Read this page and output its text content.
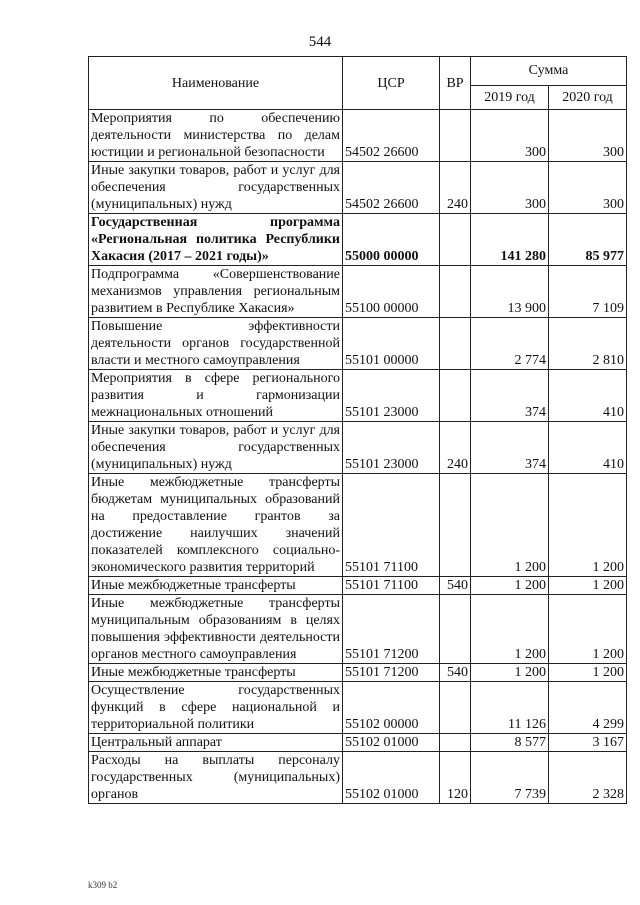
544
Наименование	ЦСР	ВР	Сумма	
			2019 год	2020 год
Мероприятия по обеспечению деятельности министерства по делам юстиции и региональной безопасности	54502 26600		300	300
Иные закупки товаров, работ и услуг для обеспечения государственных (муниципальных) нужд	54502 26600	240	300	300
Государственная программа «Региональная политика Республики Хакасия (2017 – 2021 годы)»	55000 00000		141 280	85 977
Подпрограмма «Совершенствование механизмов управления региональным развитием в Республике Хакасия»	55100 00000		13 900	7 109
Повышение эффективности деятельности органов государственной власти и местного самоуправления	55101 00000		2 774	2 810
Мероприятия в сфере регионального развития и гармонизации межнациональных отношений	55101 23000		374	410
Иные закупки товаров, работ и услуг для обеспечения государственных (муниципальных) нужд	55101 23000	240	374	410
Иные межбюджетные трансферты бюджетам муниципальных образований на предоставление грантов за достижение наилучших значений показателей комплексного социально-экономического развития территорий	55101 71100		1 200	1 200
Иные межбюджетные трансферты	55101 71100	540	1 200	1 200
Иные межбюджетные трансферты муниципальным образованиям в целях повышения эффективности деятельности органов местного самоуправления	55101 71200		1 200	1 200
Иные межбюджетные трансферты	55101 71200	540	1 200	1 200
Осуществление государственных функций в сфере национальной и территориальной политики	55102 00000		11 126	4 299
Центральный аппарат	55102 01000		8 577	3 167
Расходы на выплаты персоналу государственных (муниципальных) органов	55102 01000	120	7 739	2 328
k309 b2
